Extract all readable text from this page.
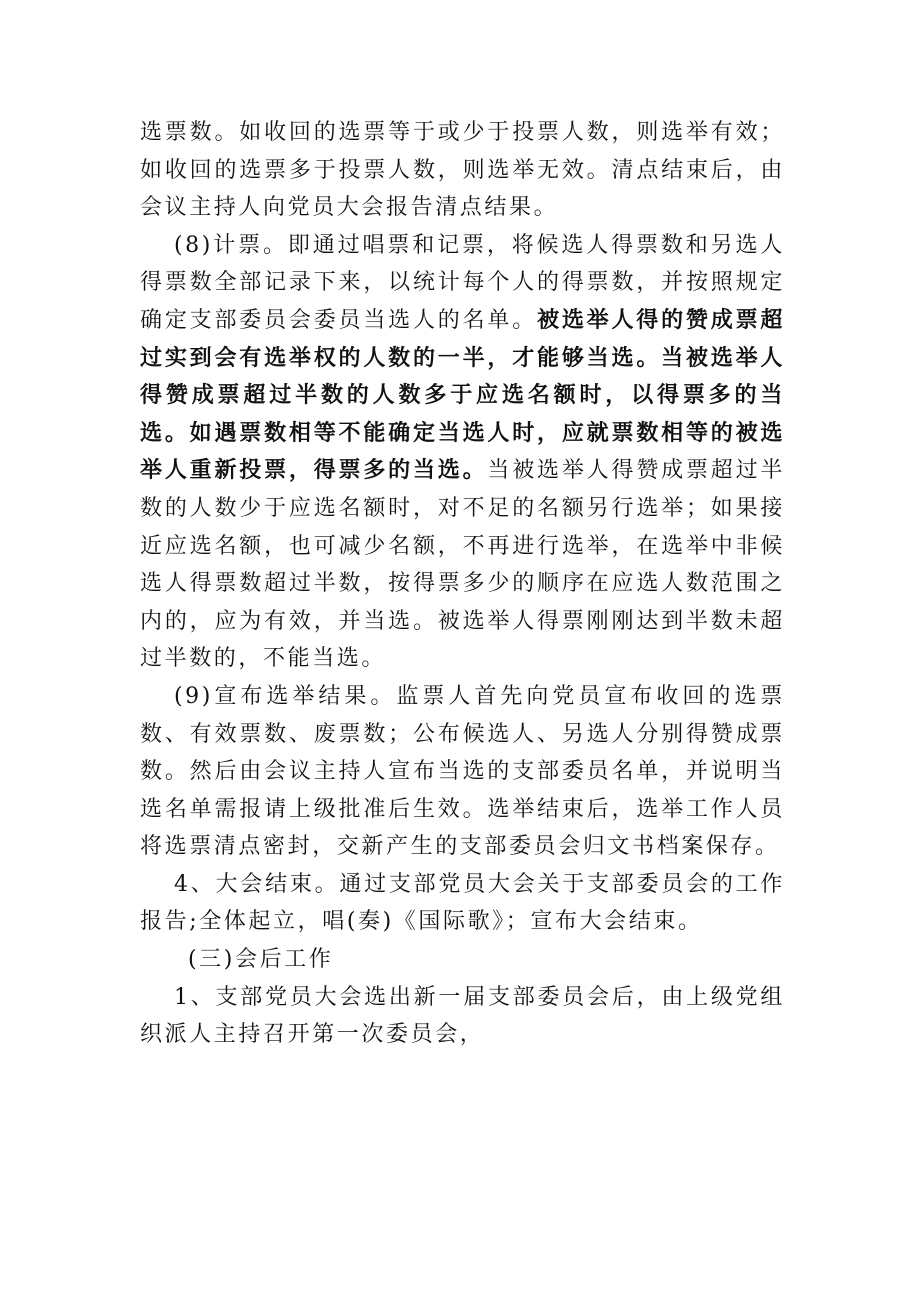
选票数。如收回的选票等于或少于投票人数，则选举有效；如收回的选票多于投票人数，则选举无效。清点结束后，由会议主持人向党员大会报告清点结果。

(8)计票。即通过唱票和记票，将候选人得票数和另选人得票数全部记录下来，以统计每个人的得票数，并按照规定确定支部委员会委员当选人的名单。被选举人得的赞成票超过实到会有选举权的人数的一半，才能够当选。当被选举人得赞成票超过半数的人数多于应选名额时，以得票多的当选。如遇票数相等不能确定当选人时，应就票数相等的被选举人重新投票，得票多的当选。当被选举人得赞成票超过半数的人数少于应选名额时，对不足的名额另行选举；如果接近应选名额，也可减少名额，不再进行选举，在选举中非候选人得票数超过半数，按得票多少的顺序在应选人数范围之内的，应为有效，并当选。被选举人得票刚刚达到半数未超过半数的，不能当选。

(9)宣布选举结果。监票人首先向党员宣布收回的选票数、有效票数、废票数；公布候选人、另选人分别得赞成票数。然后由会议主持人宣布当选的支部委员名单，并说明当选名单需报请上级批准后生效。选举结束后，选举工作人员将选票清点密封，交新产生的支部委员会归文书档案保存。

4、大会结束。通过支部党员大会关于支部委员会的工作报告;全体起立，唱(奏)《国际歌》；宣布大会结束。

(三)会后工作

1、支部党员大会选出新一届支部委员会后，由上级党组织派人主持召开第一次委员会，
